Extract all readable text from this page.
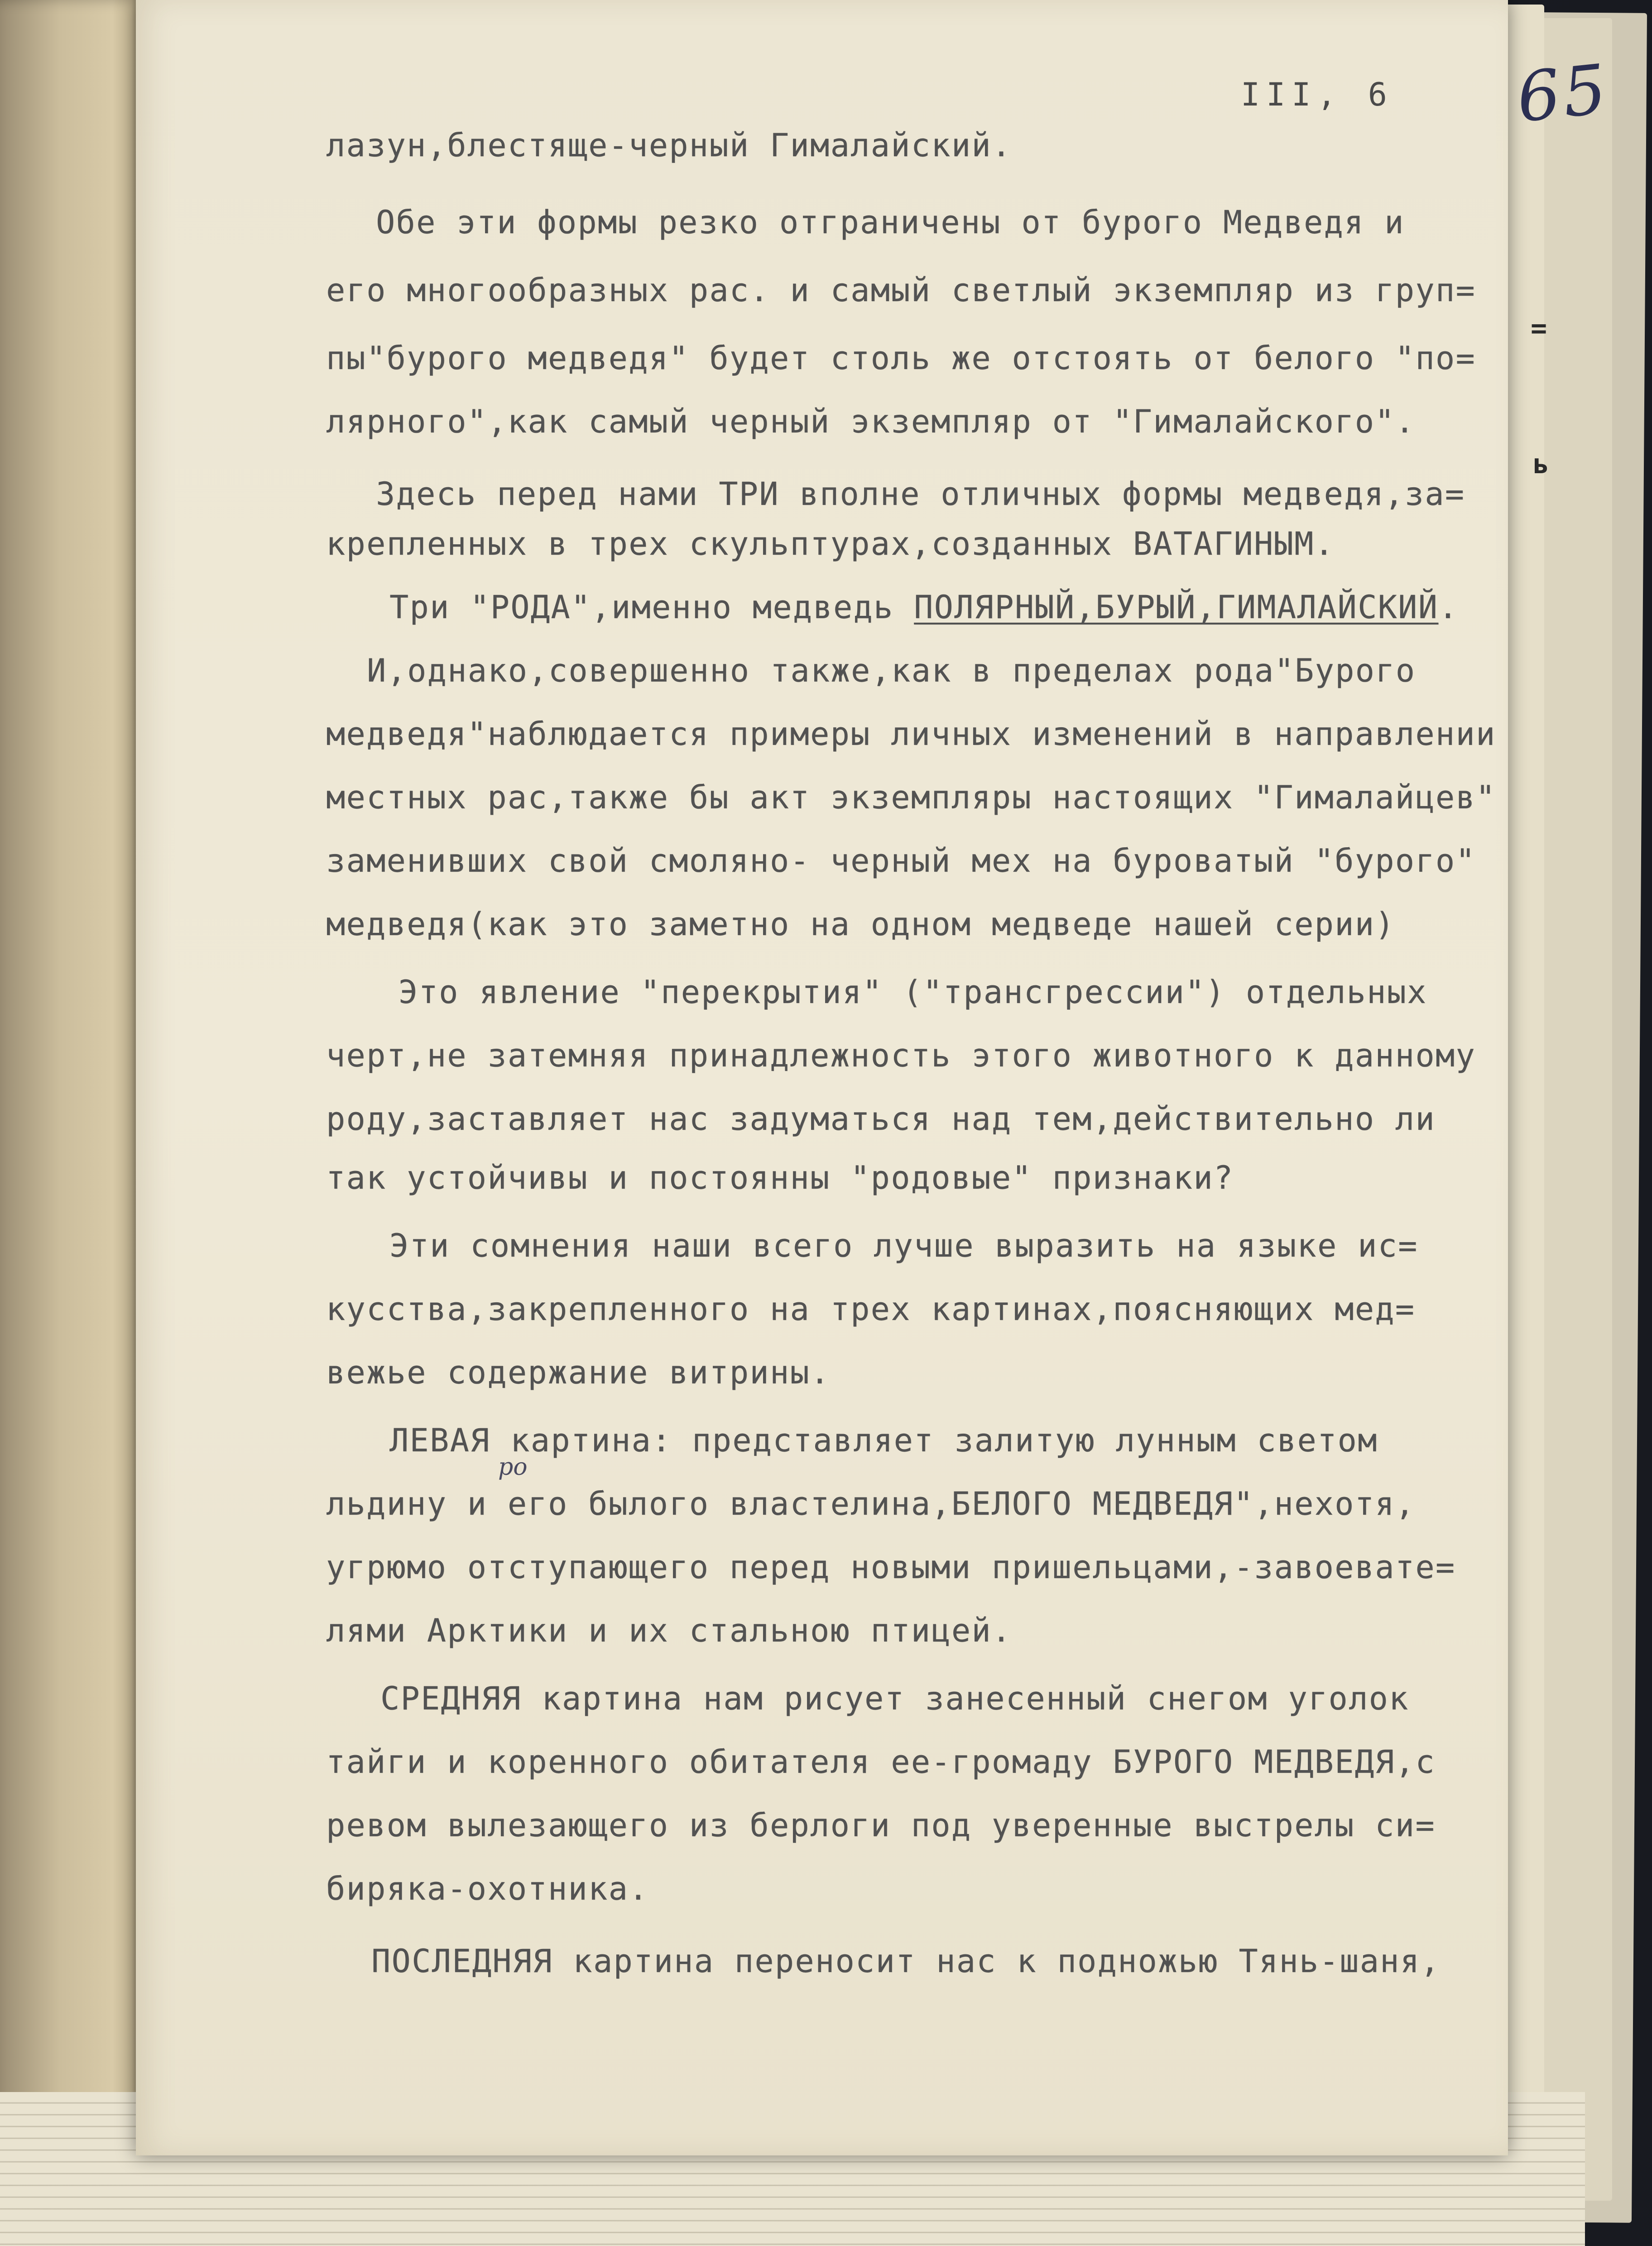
=
ь
III, 6 65
лазун,блестяще-черный Гималайский.
Обе эти формы резко отграничены от бурого Медведя и
его многообразных рас. и самый светлый экземпляр из груп=
пы"бурого медведя" будет столь же отстоять от белого "по=
лярного",как самый черный экземпляр от "Гималайского".
Здесь перед нами ТРИ вполне отличных формы медведя,за=
крепленных в трех скульптурах,созданных ВАТАГИНЫМ.
Три "РОДА",именно медведь ПОЛЯРНЫЙ,БУРЫЙ,ГИМАЛАЙСКИЙ.
И,однако,совершенно также,как в пределах рода"Бурого
медведя"наблюдается примеры личных изменений в направлении
местных рас,также бы акт экземпляры настоящих "Гималайцев"
заменивших свой смоляно- черный мех на буроватый "бурого"
медведя(как это заметно на одном медведе нашей серии)
Это явление "перекрытия" ("трансгрессии") отдельных
черт,не затемняя принадлежность этого животного к данному
роду,заставляет нас задуматься над тем,действительно ли
так устойчивы и постоянны "родовые" признаки?
Эти сомнения наши всего лучше выразить на языке ис=
кусства,закрепленного на трех картинах,поясняющих мед=
вежье содержание витрины.
ЛЕВАЯ картина: представляет залитую лунным светом
ро
льдину и его былого властелина,БЕЛОГО МЕДВЕДЯ",нехотя,
угрюмо отступающего перед новыми пришельцами,-завоевате=
лями Арктики и их стальною птицей.
СРЕДНЯЯ картина нам рисует занесенный снегом уголок
тайги и коренного обитателя ее-громаду БУРОГО МЕДВЕДЯ,с
ревом вылезающего из берлоги под уверенные выстрелы си=
биряка-охотника.
ПОСЛЕДНЯЯ картина переносит нас к подножью Тянь-шаня,
